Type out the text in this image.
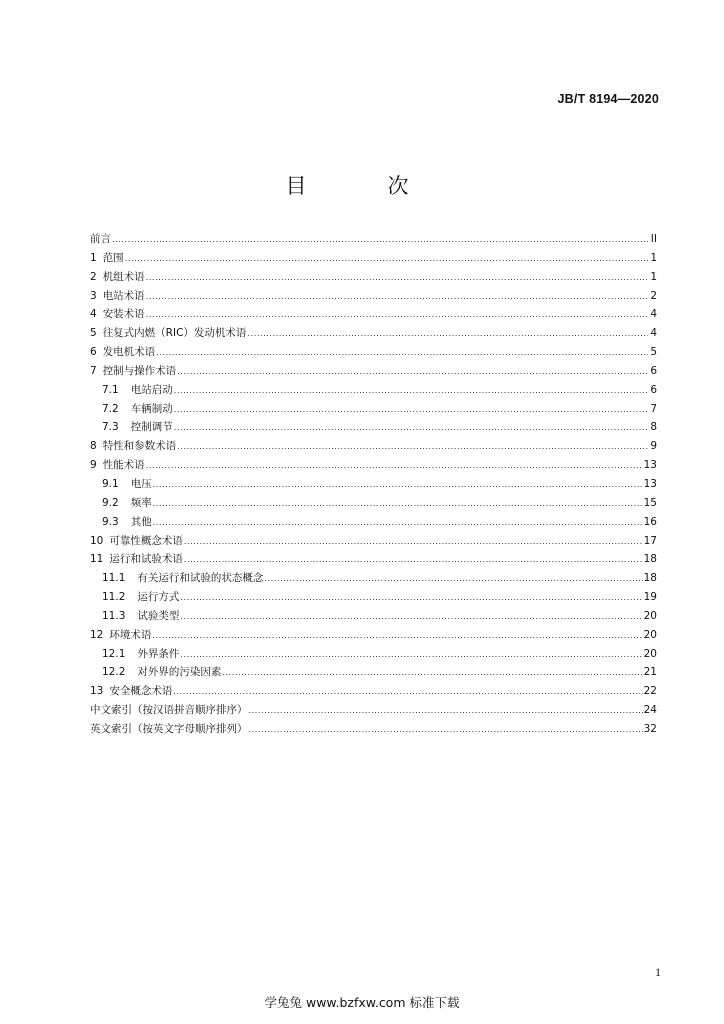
JB/T 8194—2020
目　次
前言 .....	II
1 范围 .....	1
2 机组术语 .....	1
3 电站术语 .....	2
4 安装术语 .....	4
5 往复式内燃（RIC）发动机术语 .....	4
6 发电机术语 .....	5
7 控制与操作术语 .....	6
7.1 电站启动 .....	6
7.2 车辆制动 .....	7
7.3 控制调节 .....	8
8 特性和参数术语 .....	9
9 性能术语 .....	13
9.1 电压 .....	13
9.2 频率 .....	15
9.3 其他 .....	16
10 可靠性概念术语 .....	17
11 运行和试验术语 .....	18
11.1 有关运行和试验的状态概念 .....	18
11.2 运行方式 .....	19
11.3 试验类型 .....	20
12 环境术语 .....	20
12.1 外界条件 .....	20
12.2 对外界的污染因素 .....	21
13 安全概念术语 .....	22
中文索引（按汉语拼音顺序排序） .....	24
英文索引（按英文字母顺序排列） .....	32
1
学兔兔 www.bzfxw.com 标准下载
